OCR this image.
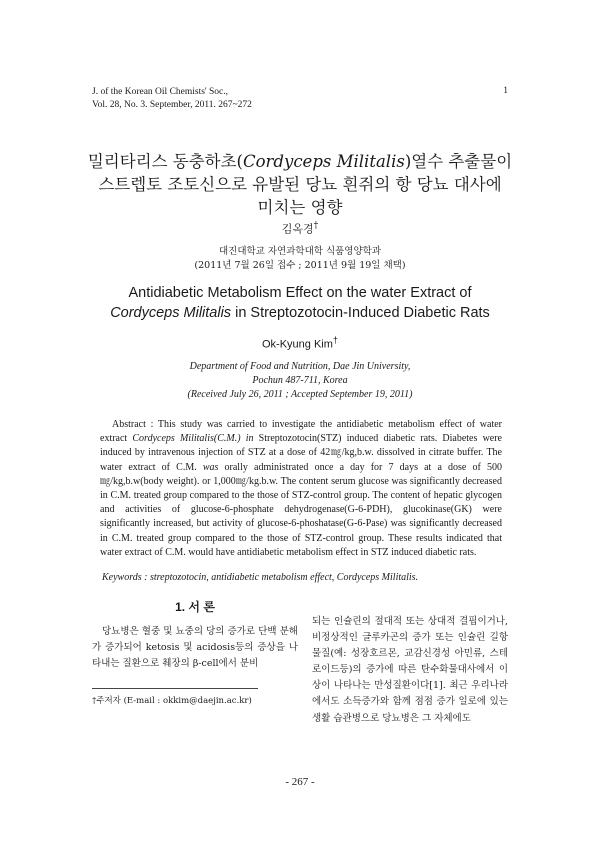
J. of the Korean Oil Chemists' Soc.,
Vol. 28, No. 3. September, 2011. 267~272
1
밀리타리스 동충하초(Cordyceps Militalis)열수 추출물이
스트렙토 조토신으로 유발된 당뇨 흰쥐의 항 당뇨 대사에
미치는 영향
김옥경†
대진대학교 자연과학대학 식품영양학과
(2011년 7월 26일 접수 ; 2011년 9월 19일 채택)
Antidiabetic Metabolism Effect on the water Extract of
Cordyceps Militalis in Streptozotocin-Induced Diabetic Rats
Ok-Kyung Kim†
Department of Food and Nutrition, Dae Jin University,
Pochun 487-711, Korea
(Received July 26, 2011 ; Accepted September 19, 2011)

Abstract : This study was carried to investigate the antidiabetic metabolism effect of water extract Cordyceps Militalis(C.M.) in Streptozotocin(STZ) induced diabetic rats. Diabetes were induced by intravenous injection of STZ at a dose of 42㎎/kg,b.w. dissolved in citrate buffer. The water extract of C.M. was orally administrated once a day for 7 days at a dose of 500㎎/kg,b.w(body weight). or 1,000㎎/kg.b.w. The content serum glucose was significantly decreased in C.M. treated group compared to the those of STZ-control group. The content of hepatic glycogen and activities of glucose-6-phosphate dehydrogenase(G-6-PDH), glucokinase(GK) were significantly increased, but activity of glucose-6-phoshatase(G-6-Pase) was significantly decreased in C.M. treated group compared to the those of STZ-control group. These results indicated that water extract of C.M. would have antidiabetic metabolism effect in STZ induced diabetic rats.

Keywords : streptozotocin, antidiabetic metabolism effect, Cordyceps Militalis.
1. 서 론

당뇨병은 혈중 및 뇨중의 당의 증가로 단백 분해가 증가되어 ketosis 및 acidosis등의 증상을 나타내는 질환으로 췌장의 β-cell에서 분비

되는 인슐린의 절대적 또는 상대적 결핍이거나, 비정상적인 글루카곤의 증가 또는 인슐린 길항 물질(예: 성장호르몬, 교감신경성 아민류, 스테로이드등)의 증가에 따른 탄수화물대사에서 이상이 나타나는 만성질환이다[1]. 최근 우리나라에서도 소득증가와 함께 점점 증가 일로에 있는 생활 습관병으로 당뇨병은 그 자체에도

†주저자 (E-mail : okkim@daejin.ac.kr)
- 267 -
